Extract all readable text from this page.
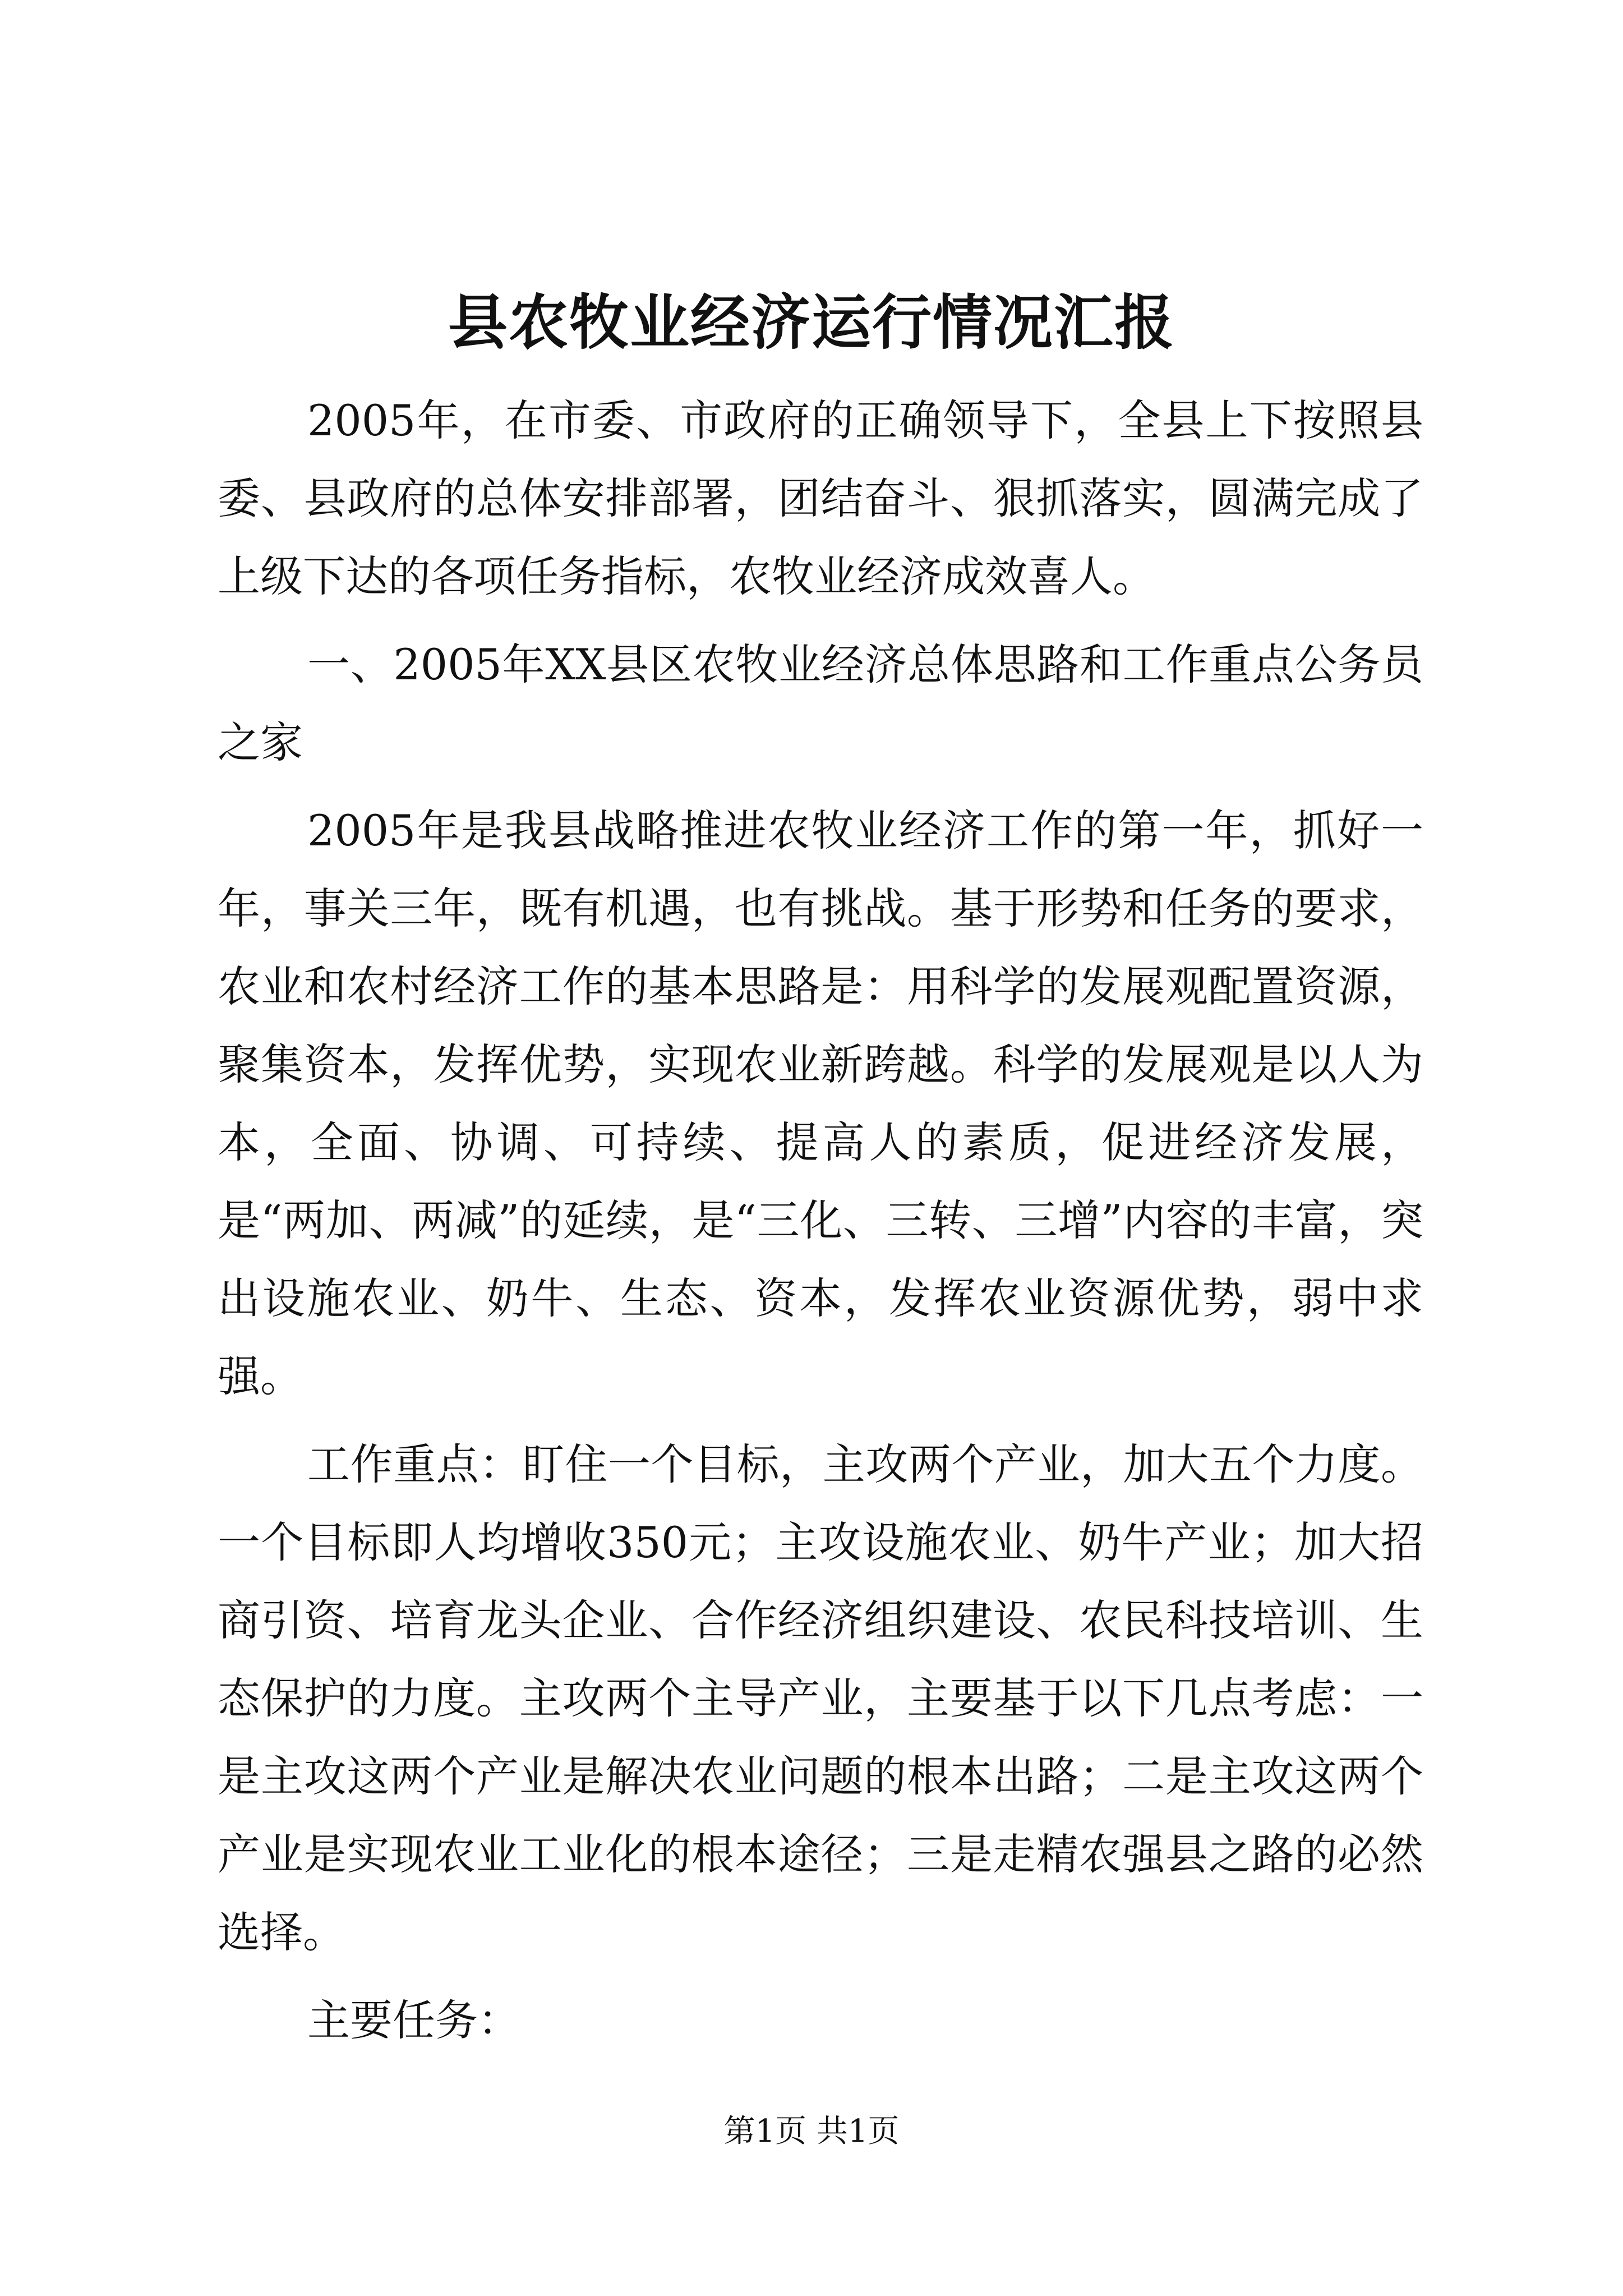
县农牧业经济运行情况汇报

2005年，在市委、市政府的正确领导下，全县上下按照县委、县政府的总体安排部署，团结奋斗、狠抓落实，圆满完成了上级下达的各项任务指标，农牧业经济成效喜人。

一、2005年XX县区农牧业经济总体思路和工作重点公务员之家

2005年是我县战略推进农牧业经济工作的第一年，抓好一年，事关三年，既有机遇，也有挑战。基于形势和任务的要求，农业和农村经济工作的基本思路是：用科学的发展观配置资源，聚集资本，发挥优势，实现农业新跨越。科学的发展观是以人为本，全面、协调、可持续、提高人的素质，促进经济发展，是“两加、两减”的延续，是“三化、三转、三增”内容的丰富，突出设施农业、奶牛、生态、资本，发挥农业资源优势，弱中求强。

工作重点：盯住一个目标，主攻两个产业，加大五个力度。一个目标即人均增收350元；主攻设施农业、奶牛产业；加大招商引资、培育龙头企业、合作经济组织建设、农民科技培训、生态保护的力度。主攻两个主导产业，主要基于以下几点考虑：一是主攻这两个产业是解决农业问题的根本出路；二是主攻这两个产业是实现农业工业化的根本途径；三是走精农强县之路的必然选择。

主要任务：

第1页 共1页
